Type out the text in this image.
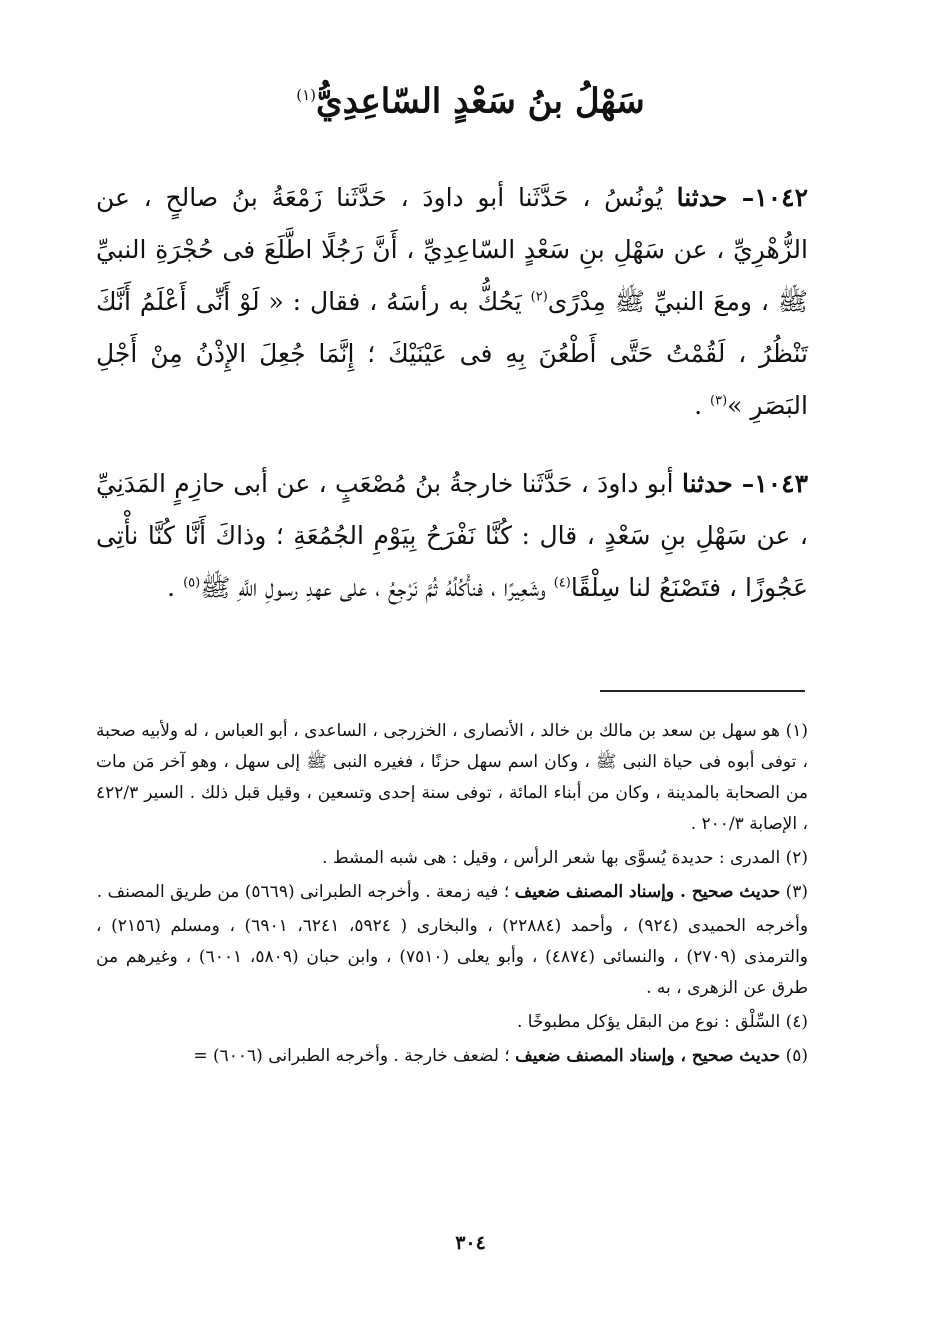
سَهْلُ بنُ سَعْدٍ السّاعِدِيُّ$^{(١)}$
١٠٤٢– حدثنا يُونُسُ ، حَدَّثَنا أبو داودَ ، حَدَّثَنا زَمْعَةُ بنُ صالحٍ ، عن الزُّهْرِيِّ ، عن سَهْلِ بنِ سَعْدٍ السّاعِدِيِّ ، أَنَّ رَجُلًا اطَّلَعَ فى حُجْرَةِ النبيِّ ﷺ ، ومعَ النبيِّ ﷺ مِدْرًى$^{(٢)}$ يَحُكُّ به رأسَهُ ، فقال : « لَوْ أَنِّى أَعْلَمُ أَنَّكَ تَنْظُرُ ، لَقُمْتُ حَتَّى أَطْعُنَ بِهِ فى عَيْنَيْكَ ؛ إِنَّمَا جُعِلَ الإِذْنُ مِنْ أَجْلِ البَصَرِ »$^{(٣)}$ .
١٠٤٣– حدثنا أبو داودَ ، حَدَّثَنا خارجةُ بنُ مُصْعَبٍ ، عن أبى حازِمٍ المَدَنِيِّ ، عن سَهْلِ بنِ سَعْدٍ ، قال : كُنَّا نَفْرَحُ بِيَوْمِ الجُمُعَةِ ؛ وذاكَ أَنَّا كُنَّا نأْتِى عَجُوزًا ، فتَصْنَعُ لنا سِلْقًا$^{(٤)}$ وشَعِيرًا ، فنأْكُلُهُ ثُمَّ نَرْجِعُ ، على عهدِ رسولِ اللَّهِ ﷺ$^{(٥)}$ .

(١) هو سهل بن سعد بن مالك بن خالد ، الأنصارى ، الخزرجى ، الساعدى ، أبو العباس ، له ولأبيه صحبة ، توفى أبوه فى حياة النبى ﷺ ، وكان اسم سهل حزنًا ، فغيره النبى ﷺ إلى سهل ، وهو آخر مَن مات من الصحابة بالمدينة ، وكان من أبناء المائة ، توفى سنة إحدى وتسعين ، وقيل قبل ذلك . السير ٤٢٢/٣ ، الإصابة ٢٠٠/٣ .

(٢) المدرى : حديدة يُسوَّى بها شعر الرأس ، وقيل : هى شبه المشط .

(٣) حديث صحيح . وإسناد المصنف ضعيف ؛ فيه زمعة . وأخرجه الطبرانى (٥٦٦٩) من طريق المصنف .

وأخرجه الحميدى (٩٢٤) ، وأحمد (٢٢٨٨٤) ، والبخارى ( ٥٩٢٤، ٦٢٤١، ٦٩٠١) ، ومسلم (٢١٥٦) ، والترمذى (٢٧٠٩) ، والنسائى (٤٨٧٤) ، وأبو يعلى (٧٥١٠) ، وابن حبان (٥٨٠٩، ٦٠٠١) ، وغيرهم من طرق عن الزهرى ، به .

(٤) السِّلْق : نوع من البقل يؤكل مطبوخًا .

(٥) حديث صحيح ، وإسناد المصنف ضعيف ؛ لضعف خارجة . وأخرجه الطبرانى (٦٠٠٦) =

٣٠٤
